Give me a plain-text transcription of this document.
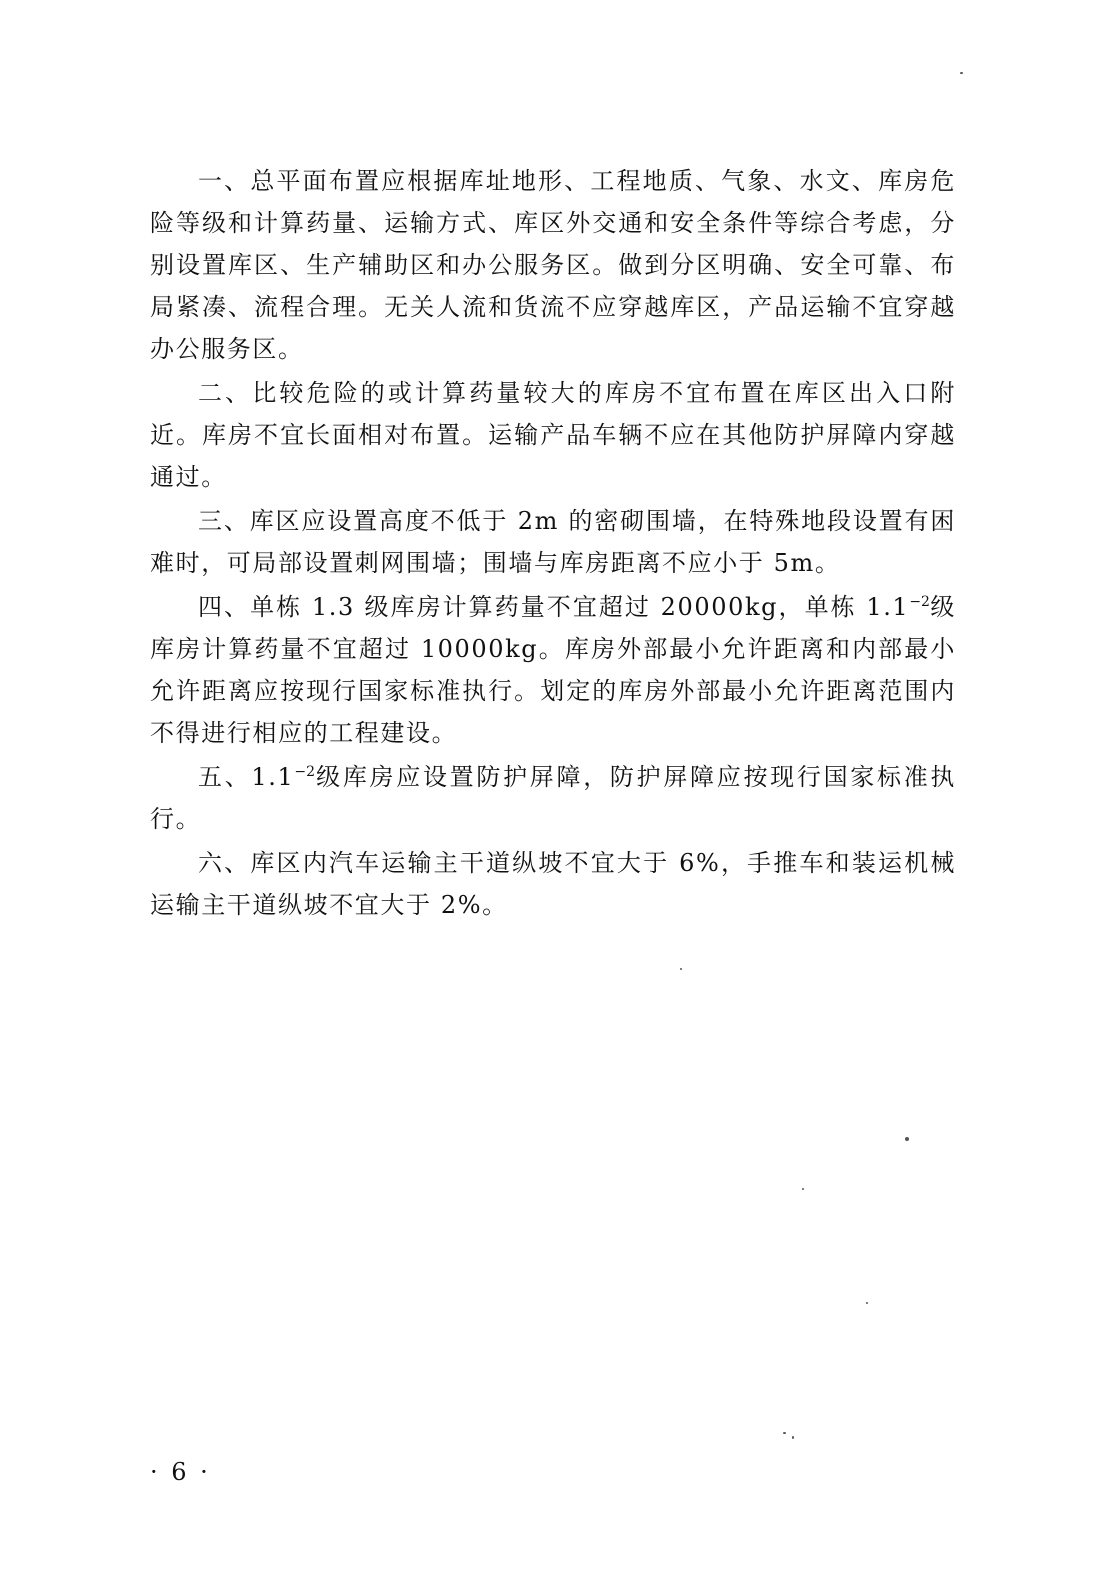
一、总平面布置应根据库址地形、工程地质、气象、水文、库房危险等级和计算药量、运输方式、库区外交通和安全条件等综合考虑，分别设置库区、生产辅助区和办公服务区。做到分区明确、安全可靠、布局紧凑、流程合理。无关人流和货流不应穿越库区，产品运输不宜穿越办公服务区。

二、比较危险的或计算药量较大的库房不宜布置在库区出入口附近。库房不宜长面相对布置。运输产品车辆不应在其他防护屏障内穿越通过。

三、库区应设置高度不低于 2m 的密砌围墙，在特殊地段设置有困难时，可局部设置刺网围墙；围墙与库房距离不应小于 5m。

四、单栋 1.3 级库房计算药量不宜超过 20000kg，单栋 $1.1^{-2}$级库房计算药量不宜超过 10000kg。库房外部最小允许距离和内部最小允许距离应按现行国家标准执行。划定的库房外部最小允许距离范围内不得进行相应的工程建设。

五、$1.1^{-2}$级库房应设置防护屏障，防护屏障应按现行国家标准执行。

六、库区内汽车运输主干道纵坡不宜大于 6%，手推车和装运机械运输主干道纵坡不宜大于 2%。

· 6 ·
